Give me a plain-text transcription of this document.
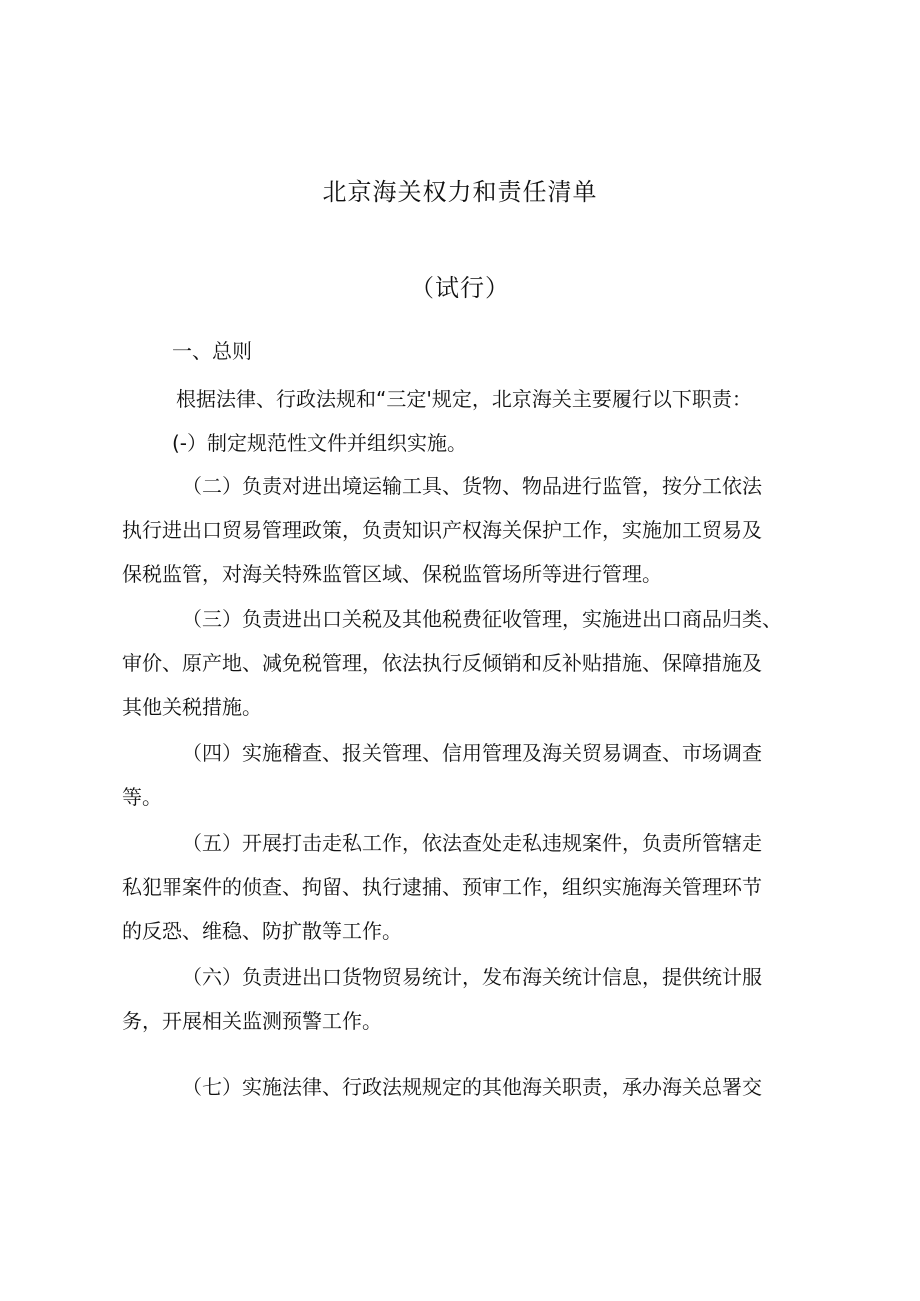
北京海关权力和责任清单
（试行）
一、总则
根据法律、行政法规和“三定'规定，北京海关主要履行以下职责：
(-）制定规范性文件并组织实施。
（二）负责对进出境运输工具、货物、物品进行监管，按分工依法
执行进出口贸易管理政策，负责知识产权海关保护工作，实施加工贸易及
保税监管，对海关特殊监管区域、保税监管场所等进行管理。
（三）负责进出口关税及其他税费征收管理，实施进出口商品归类、
审价、原产地、减免税管理，依法执行反倾销和反补贴措施、保障措施及
其他关税措施。
（四）实施稽查、报关管理、信用管理及海关贸易调查、市场调查
等。
（五）开展打击走私工作，依法查处走私违规案件，负责所管辖走
私犯罪案件的侦查、拘留、执行逮捕、预审工作，组织实施海关管理环节
的反恐、维稳、防扩散等工作。
（六）负责进出口货物贸易统计，发布海关统计信息，提供统计服
务，开展相关监测预警工作。
（七）实施法律、行政法规规定的其他海关职责，承办海关总署交
